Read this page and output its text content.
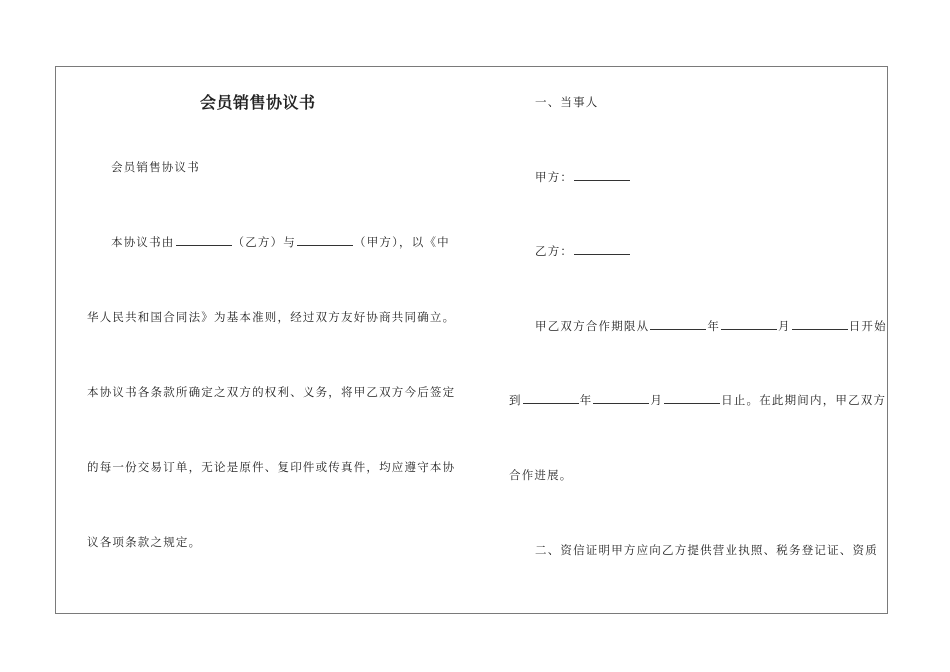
会员销售协议书
会员销售协议书
本协议书由	（乙方）与	（甲方），以《中
华人民共和国合同法》为基本准则，经过双方友好协商共同确立。
本协议书各条款所确定之双方的权利、义务，将甲乙双方今后签定
的每一份交易订单，无论是原件、复印件或传真件，均应遵守本协
议各项条款之规定。
一、当事人
甲方：
乙方：
甲乙双方合作期限从	年	月	日开始
到	年	月	日止。在此期间内，甲乙双方
合作进展。
二、资信证明甲方应向乙方提供营业执照、税务登记证、资质
